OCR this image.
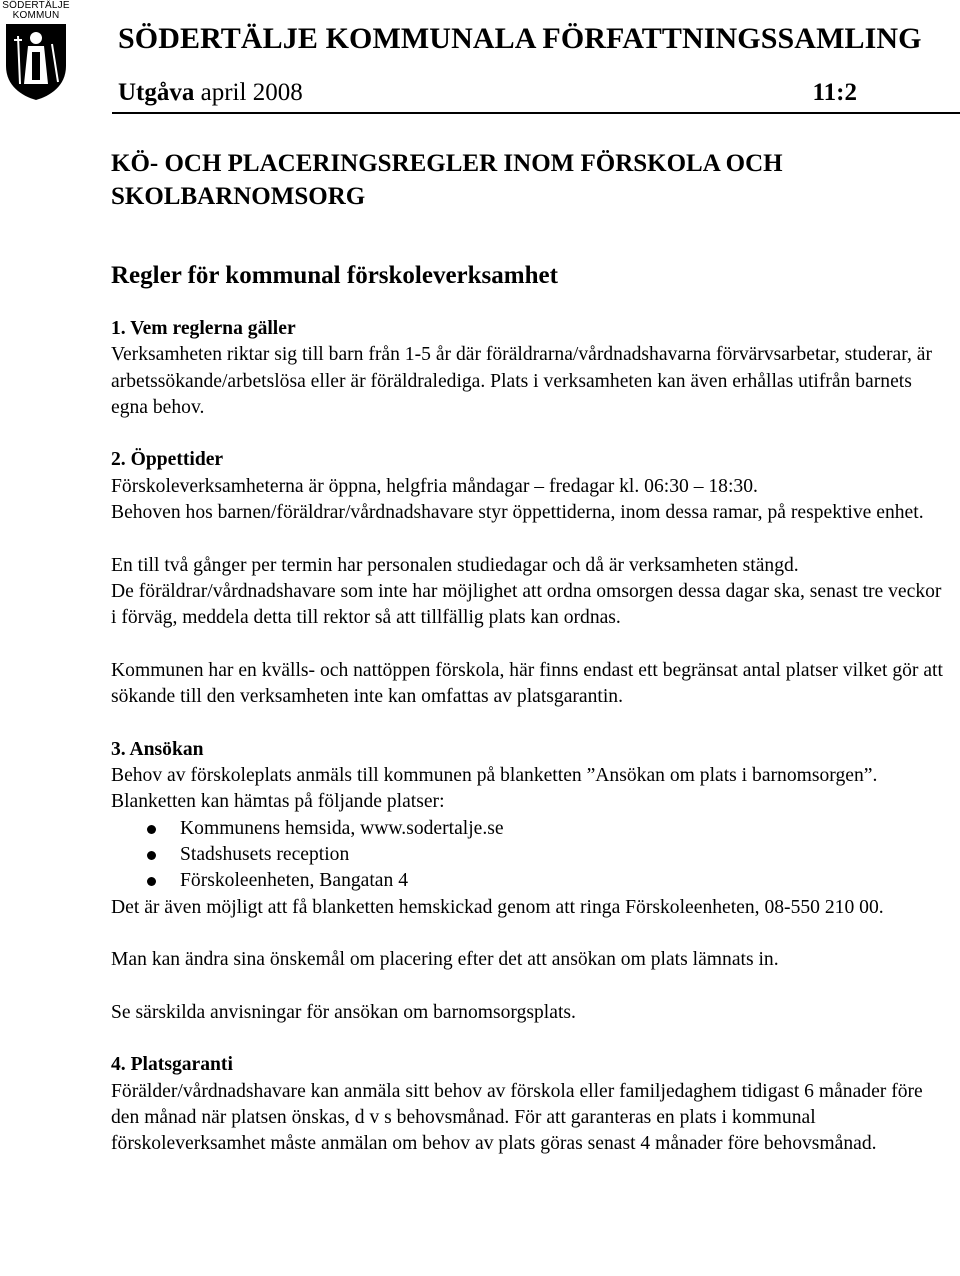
SÖDERTÄLJE
KOMMUN
SÖDERTÄLJE KOMMUNALA FÖRFATTNINGSSAMLING
Utgåva april 2008	11:2
KÖ- OCH PLACERINGSREGLER INOM FÖRSKOLA OCH
SKOLBARNOMSORG
Regler för kommunal förskoleverksamhet

1. Vem reglerna gäller

Verksamheten riktar sig till barn från 1-5 år där föräldrarna/vårdnadshavarna förvärvsarbetar, studerar, är arbetssökande/arbetslösa eller är föräldralediga. Plats i verksamheten kan även erhållas utifrån barnets egna behov.

2. Öppettider

Förskoleverksamheterna är öppna, helgfria måndagar – fredagar kl. 06:30 – 18:30.

Behoven hos barnen/föräldrar/vårdnadshavare styr öppettiderna, inom dessa ramar, på respektive enhet.

En till två gånger per termin har personalen studiedagar och då är verksamheten stängd.

De föräldrar/vårdnadshavare som inte har möjlighet att ordna omsorgen dessa dagar ska, senast tre veckor i förväg, meddela detta till rektor så att tillfällig plats kan ordnas.

Kommunen har en kvälls- och nattöppen förskola, här finns endast ett begränsat antal platser vilket gör att sökande till den verksamheten inte kan omfattas av platsgarantin.

3. Ansökan

Behov av förskoleplats anmäls till kommunen på blanketten ”Ansökan om plats i barnomsorgen”. Blanketten kan hämtas på följande platser:

Kommunens hemsida, www.sodertalje.se
Stadshusets reception
Förskoleenheten, Bangatan 4

Det är även möjligt att få blanketten hemskickad genom att ringa Förskoleenheten, 08-550 210 00.

Man kan ändra sina önskemål om placering efter det att ansökan om plats lämnats in.

Se särskilda anvisningar för ansökan om barnomsorgsplats.

4. Platsgaranti

Förälder/vårdnadshavare kan anmäla sitt behov av förskola eller familjedaghem tidigast 6 månader före den månad när platsen önskas, d v s behovsmånad. För att garanteras en plats i kommunal förskoleverksamhet måste anmälan om behov av plats göras senast 4 månader före behovsmånad.
